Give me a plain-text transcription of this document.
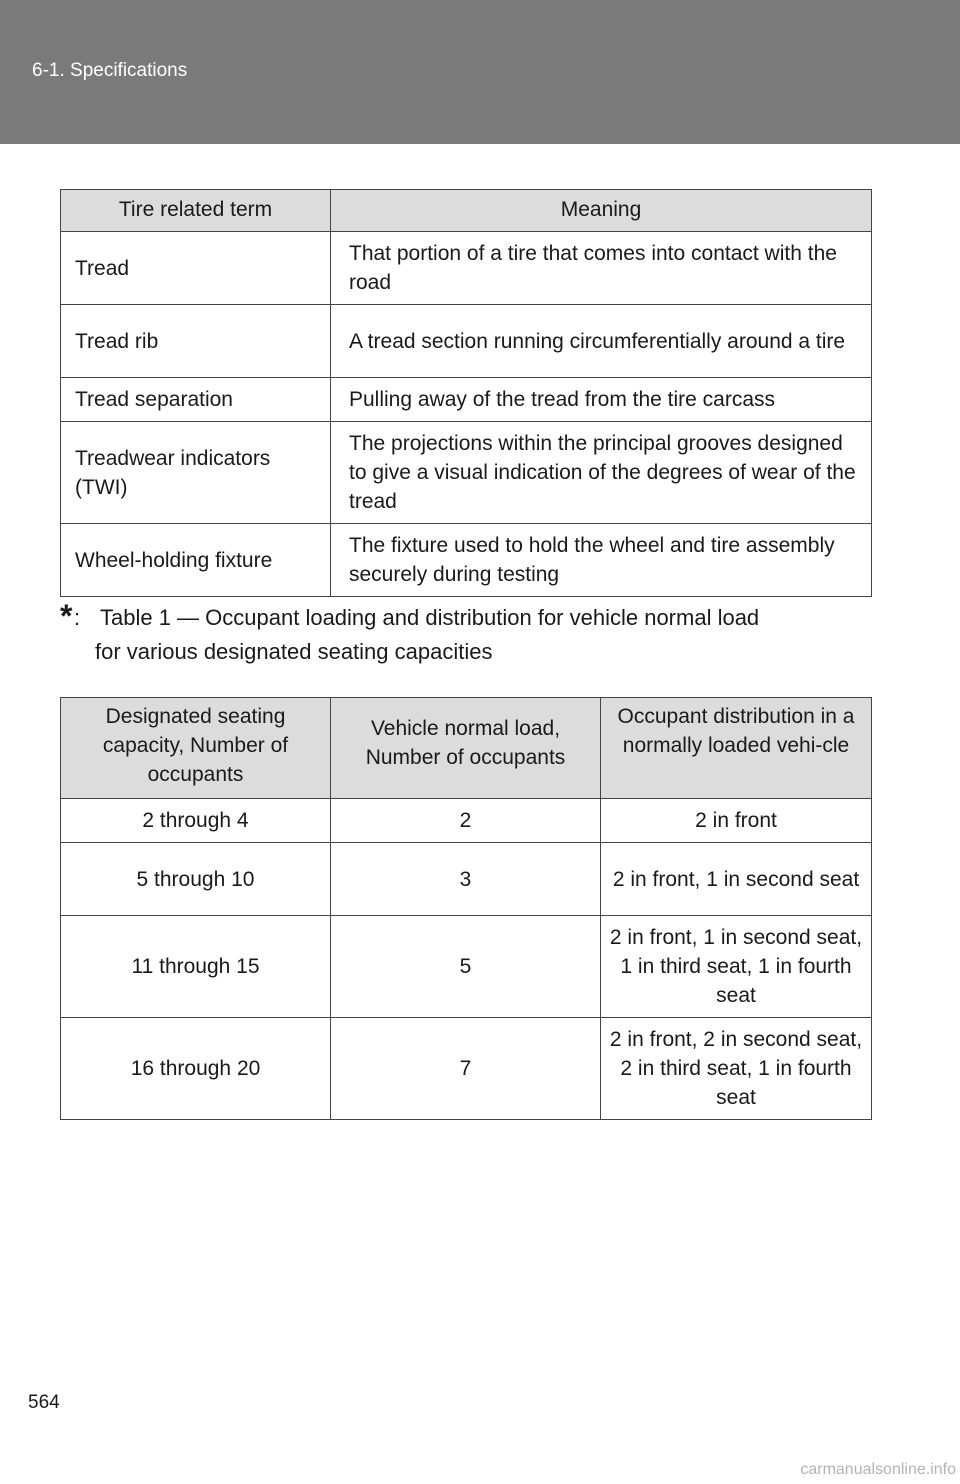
6-1. Specifications
Tire related term	Meaning
Tread	That portion of a tire that comes into contact with the road
Tread rib	A tread section running circumferentially around a tire
Tread separation	Pulling away of the tread from the tire carcass
Treadwear indicators (TWI)	The projections within the principal grooves designed to give a visual indication of the degrees of wear of the tread
Wheel-holding fixture	The fixture used to hold the wheel and tire assembly securely during testing
* : Table 1 — Occupant loading and distribution for vehicle normal load
for various designated seating capacities
Designated seating capacity, Number of occupants	Vehicle normal load, Number of occupants	Occupant distribution in a normally loaded vehi-cle
2 through 4	2	2 in front
5 through 10	3	2 in front, 1 in second seat
11 through 15	5	2 in front, 1 in second seat, 1 in third seat, 1 in fourth seat
16 through 20	7	2 in front, 2 in second seat, 2 in third seat, 1 in fourth seat
564
carmanualsonline.info
